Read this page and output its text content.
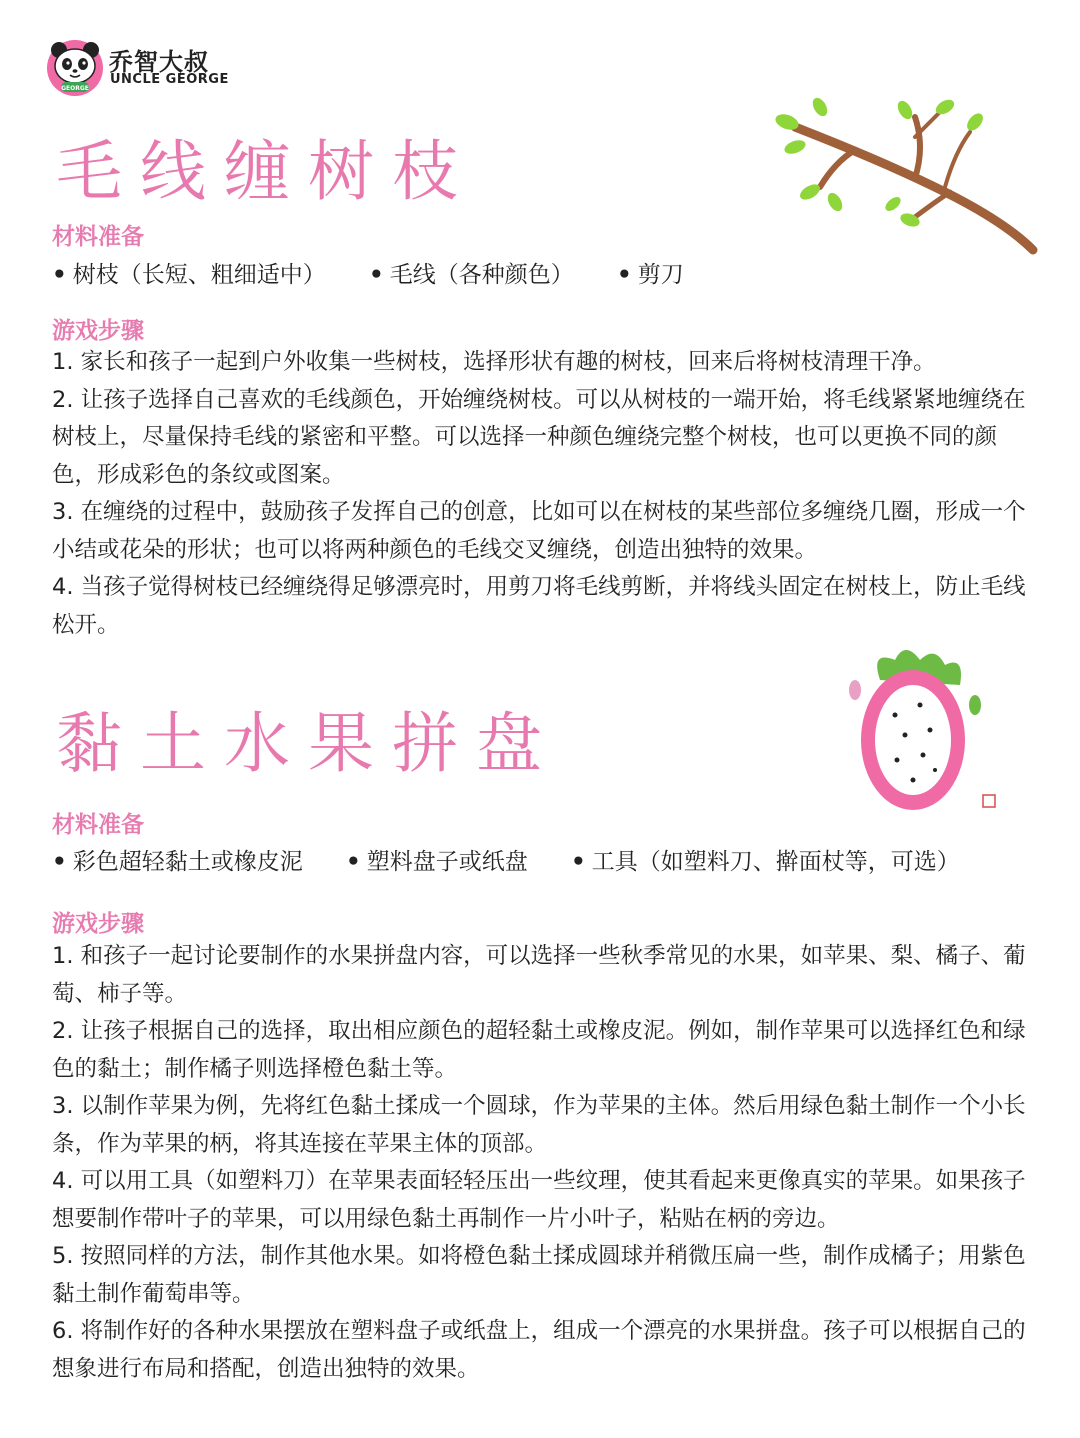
GEORGE
乔智大叔
UNCLE GEORGE
毛线缠树枝
材料准备
• 树枝（长短、粗细适中） • 毛线（各种颜色） • 剪刀
游戏步骤

1. 家长和孩子一起到户外收集一些树枝，选择形状有趣的树枝，回来后将树枝清理干净。

2. 让孩子选择自己喜欢的毛线颜色，开始缠绕树枝。可以从树枝的一端开始，将毛线紧紧地缠绕在树枝上，尽量保持毛线的紧密和平整。可以选择一种颜色缠绕完整个树枝，也可以更换不同的颜色，形成彩色的条纹或图案。

3. 在缠绕的过程中，鼓励孩子发挥自己的创意，比如可以在树枝的某些部位多缠绕几圈，形成一个小结或花朵的形状；也可以将两种颜色的毛线交叉缠绕，创造出独特的效果。

4. 当孩子觉得树枝已经缠绕得足够漂亮时，用剪刀将毛线剪断，并将线头固定在树枝上，防止毛线松开。

黏土水果拼盘
材料准备
• 彩色超轻黏土或橡皮泥 • 塑料盘子或纸盘 • 工具（如塑料刀、擀面杖等，可选）
游戏步骤

1. 和孩子一起讨论要制作的水果拼盘内容，可以选择一些秋季常见的水果，如苹果、梨、橘子、葡萄、柿子等。

2. 让孩子根据自己的选择，取出相应颜色的超轻黏土或橡皮泥。例如，制作苹果可以选择红色和绿色的黏土；制作橘子则选择橙色黏土等。

3. 以制作苹果为例，先将红色黏土揉成一个圆球，作为苹果的主体。然后用绿色黏土制作一个小长条，作为苹果的柄，将其连接在苹果主体的顶部。

4. 可以用工具（如塑料刀）在苹果表面轻轻压出一些纹理，使其看起来更像真实的苹果。如果孩子想要制作带叶子的苹果，可以用绿色黏土再制作一片小叶子，粘贴在柄的旁边。

5. 按照同样的方法，制作其他水果。如将橙色黏土揉成圆球并稍微压扁一些，制作成橘子；用紫色黏土制作葡萄串等。

6. 将制作好的各种水果摆放在塑料盘子或纸盘上，组成一个漂亮的水果拼盘。孩子可以根据自己的想象进行布局和搭配，创造出独特的效果。
